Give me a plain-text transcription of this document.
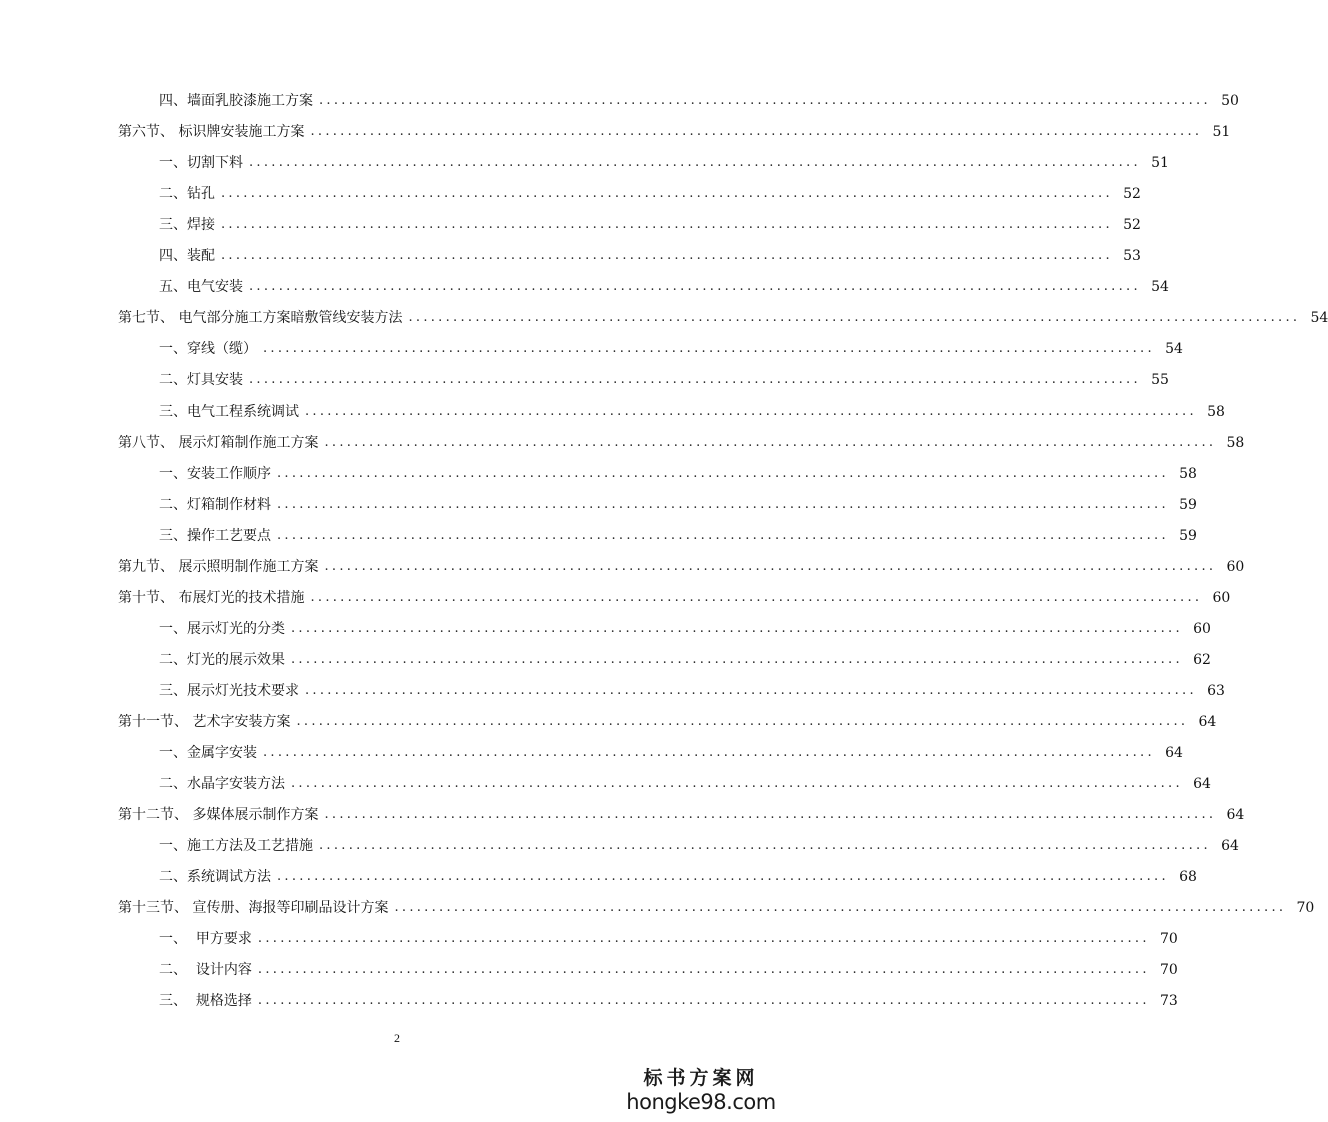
四、墙面乳胶漆施工方案 ........................................................................................................................ 50
第六节、 标识牌安装施工方案 ........................................................................................................................ 51
一、切割下料 ........................................................................................................................ 51
二、钻孔 ........................................................................................................................ 52
三、焊接 ........................................................................................................................ 52
四、装配 ........................................................................................................................ 53
五、电气安装 ........................................................................................................................ 54
第七节、 电气部分施工方案暗敷管线安装方法 ........................................................................................................................ 54
一、穿线（缆） ........................................................................................................................ 54
二、灯具安装 ........................................................................................................................ 55
三、电气工程系统调试 ........................................................................................................................ 58
第八节、 展示灯箱制作施工方案 ........................................................................................................................ 58
一、安装工作顺序 ........................................................................................................................ 58
二、灯箱制作材料 ........................................................................................................................ 59
三、操作工艺要点 ........................................................................................................................ 59
第九节、 展示照明制作施工方案 ........................................................................................................................ 60
第十节、 布展灯光的技术措施 ........................................................................................................................ 60
一、展示灯光的分类 ........................................................................................................................ 60
二、灯光的展示效果 ........................................................................................................................ 62
三、展示灯光技术要求 ........................................................................................................................ 63
第十一节、 艺术字安装方案 ........................................................................................................................ 64
一、金属字安装 ........................................................................................................................ 64
二、水晶字安装方法 ........................................................................................................................ 64
第十二节、 多媒体展示制作方案 ........................................................................................................................ 64
一、施工方法及工艺措施 ........................................................................................................................ 64
二、系统调试方法 ........................................................................................................................ 68
第十三节、 宣传册、海报等印刷品设计方案 ........................................................................................................................ 70
一、  甲方要求 ........................................................................................................................ 70
二、  设计内容 ........................................................................................................................ 70
三、  规格选择 ........................................................................................................................ 73
2
标书方案网
hongke98.com
